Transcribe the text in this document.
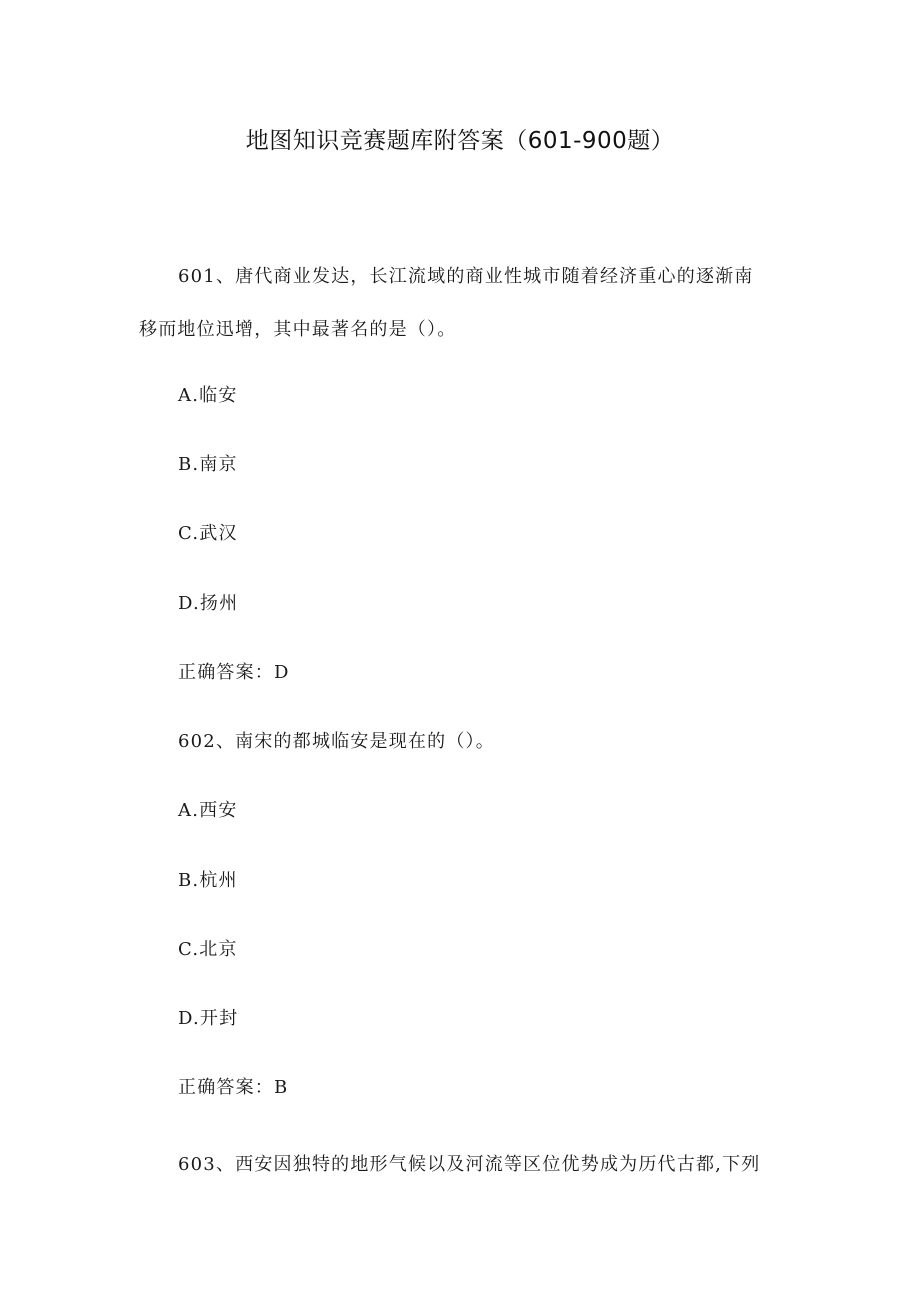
地图知识竞赛题库附答案（601-900题）
601、唐代商业发达，长江流域的商业性城市随着经济重心的逐渐南
移而地位迅增，其中最著名的是（）。
A.临安
B.南京
C.武汉
D.扬州
正确答案：D
602、南宋的都城临安是现在的（）。
A.西安
B.杭州
C.北京
D.开封
正确答案：B
603、西安因独特的地形气候以及河流等区位优势成为历代古都,下列
